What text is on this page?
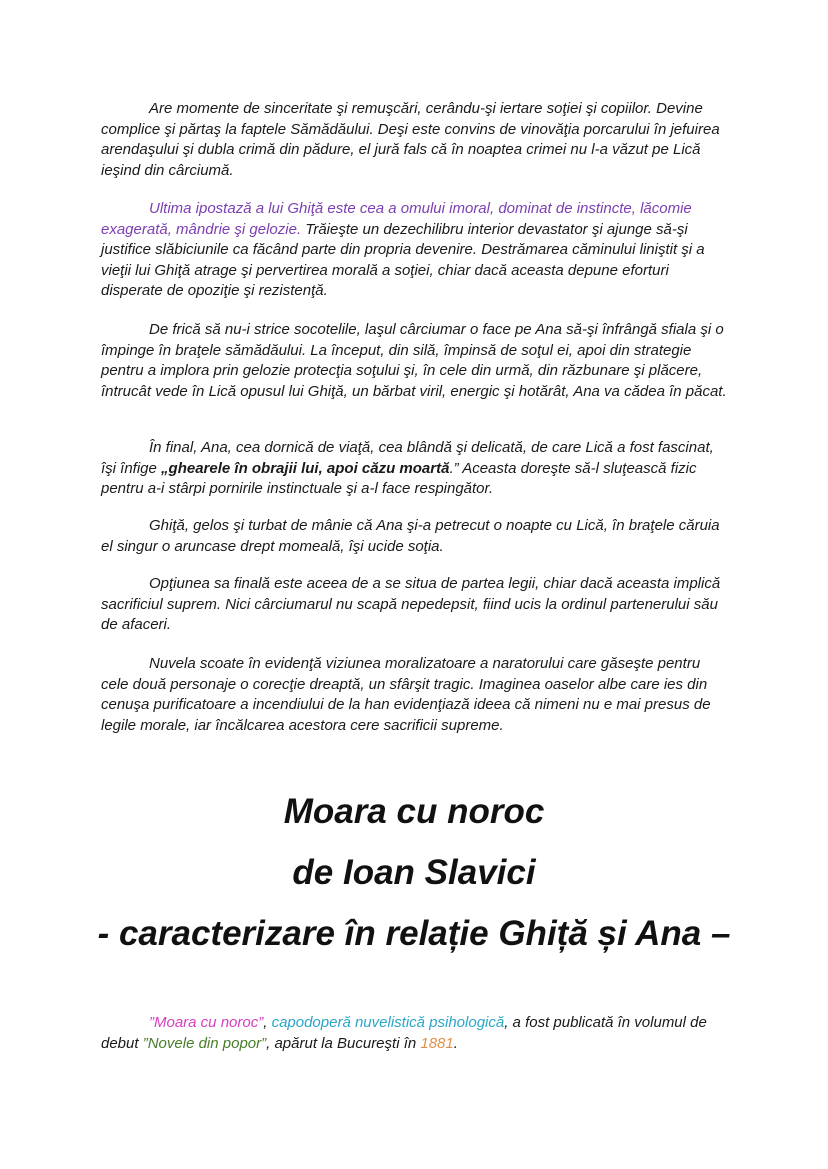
Are momente de sinceritate şi remuşcări, cerându-şi iertare soţiei şi copiilor. Devine complice şi părtaş la faptele Sămădăului. Deşi este convins de vinovăţia porcarului în jefuirea arendaşului şi dubla crimă din pădure, el jură fals că în noaptea crimei nu l-a văzut pe Lică ieşind din cârciumă.

Ultima ipostază a lui Ghiţă este cea a omului imoral, dominat de instincte, lăcomie exagerată, mândrie şi gelozie. Trăieşte un dezechilibru interior devastator şi ajunge să-şi justifice slăbiciunile ca făcând parte din propria devenire. Destrămarea căminului liniştit şi a vieţii lui Ghiţă atrage şi pervertirea morală a soţiei, chiar dacă aceasta depune eforturi disperate de opoziţie şi rezistenţă.

De frică să nu-i strice socotelile, laşul cârciumar o face pe Ana să-şi înfrângă sfiala şi o împinge în braţele sămădăului. La început, din silă, împinsă de soţul ei, apoi din strategie pentru a implora prin gelozie protecţia soţului şi, în cele din urmă, din răzbunare şi plăcere, întrucât vede în Lică opusul lui Ghiţă, un bărbat viril, energic şi hotărât, Ana va cădea în păcat.

În final, Ana, cea dornică de viaţă, cea blândă şi delicată, de care Lică a fost fascinat, îşi înfige „ghearele în obrajii lui, apoi căzu moartă.” Aceasta doreşte să-l sluţească fizic pentru a-i stârpi pornirile instinctuale şi a-l face respingător.

Ghiţă, gelos şi turbat de mânie că Ana şi-a petrecut o noapte cu Lică, în braţele căruia el singur o aruncase drept momeală, îşi ucide soţia.

Opţiunea sa finală este aceea de a se situa de partea legii, chiar dacă aceasta implică sacrificiul suprem. Nici cârciumarul nu scapă nepedepsit, fiind ucis la ordinul partenerului său de afaceri.

Nuvela scoate în evidenţă viziunea moralizatoare a naratorului care găseşte pentru cele două personaje o corecţie dreaptă, un sfârşit tragic. Imaginea oaselor albe care ies din cenuşa purificatoare a incendiului de la han evidenţiază ideea că nimeni nu e mai presus de legile morale, iar încălcarea acestora cere sacrificii supreme.

Moara cu noroc
de Ioan Slavici
- caracterizare în relație Ghiță și Ana –

”Moara cu noroc”, capodoperă nuvelistică psihologică, a fost publicată în volumul de debut ”Novele din popor”, apărut la Bucureşti în 1881.
